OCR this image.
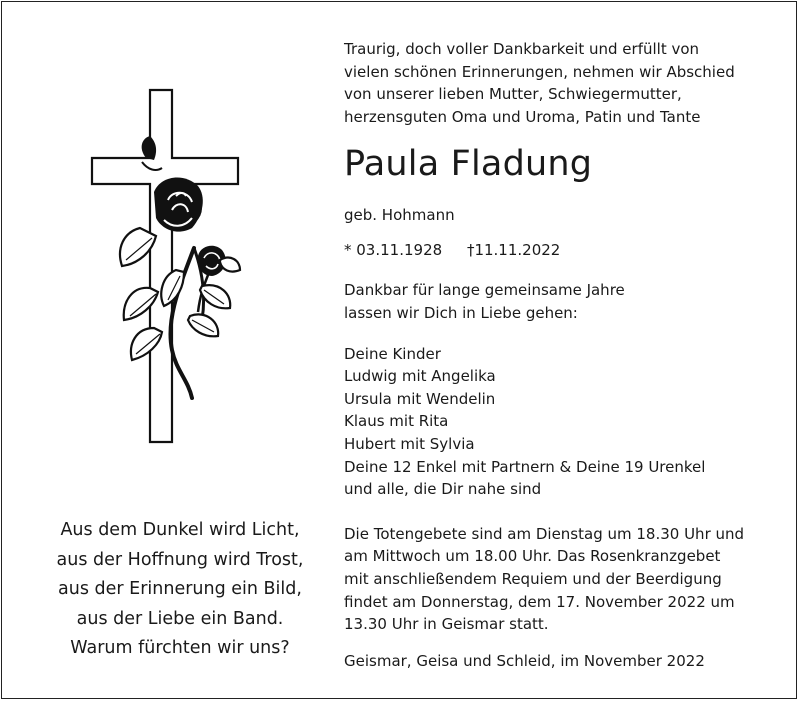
Aus dem Dunkel wird Licht,
aus der Hoffnung wird Trost,
aus der Erinnerung ein Bild,
aus der Liebe ein Band.
Warum fürchten wir uns?
Traurig, doch voller Dankbarkeit und erfüllt von
vielen schönen Erinnerungen, nehmen wir Abschied
von unserer lieben Mutter, Schwiegermutter,
herzensguten Oma und Uroma, Patin und Tante
Paula Fladung
geb. Hohmann
* 03.11.1928 †11.11.2022
Dankbar für lange gemeinsame Jahre
lassen wir Dich in Liebe gehen:
Deine Kinder
Ludwig mit Angelika
Ursula mit Wendelin
Klaus mit Rita
Hubert mit Sylvia
Deine 12 Enkel mit Partnern & Deine 19 Urenkel
und alle, die Dir nahe sind
Die Totengebete sind am Dienstag um 18.30 Uhr und
am Mittwoch um 18.00 Uhr. Das Rosenkranzgebet
mit anschließendem Requiem und der Beerdigung
findet am Donnerstag, dem 17. November 2022 um
13.30 Uhr in Geismar statt.
Geismar, Geisa und Schleid, im November 2022
